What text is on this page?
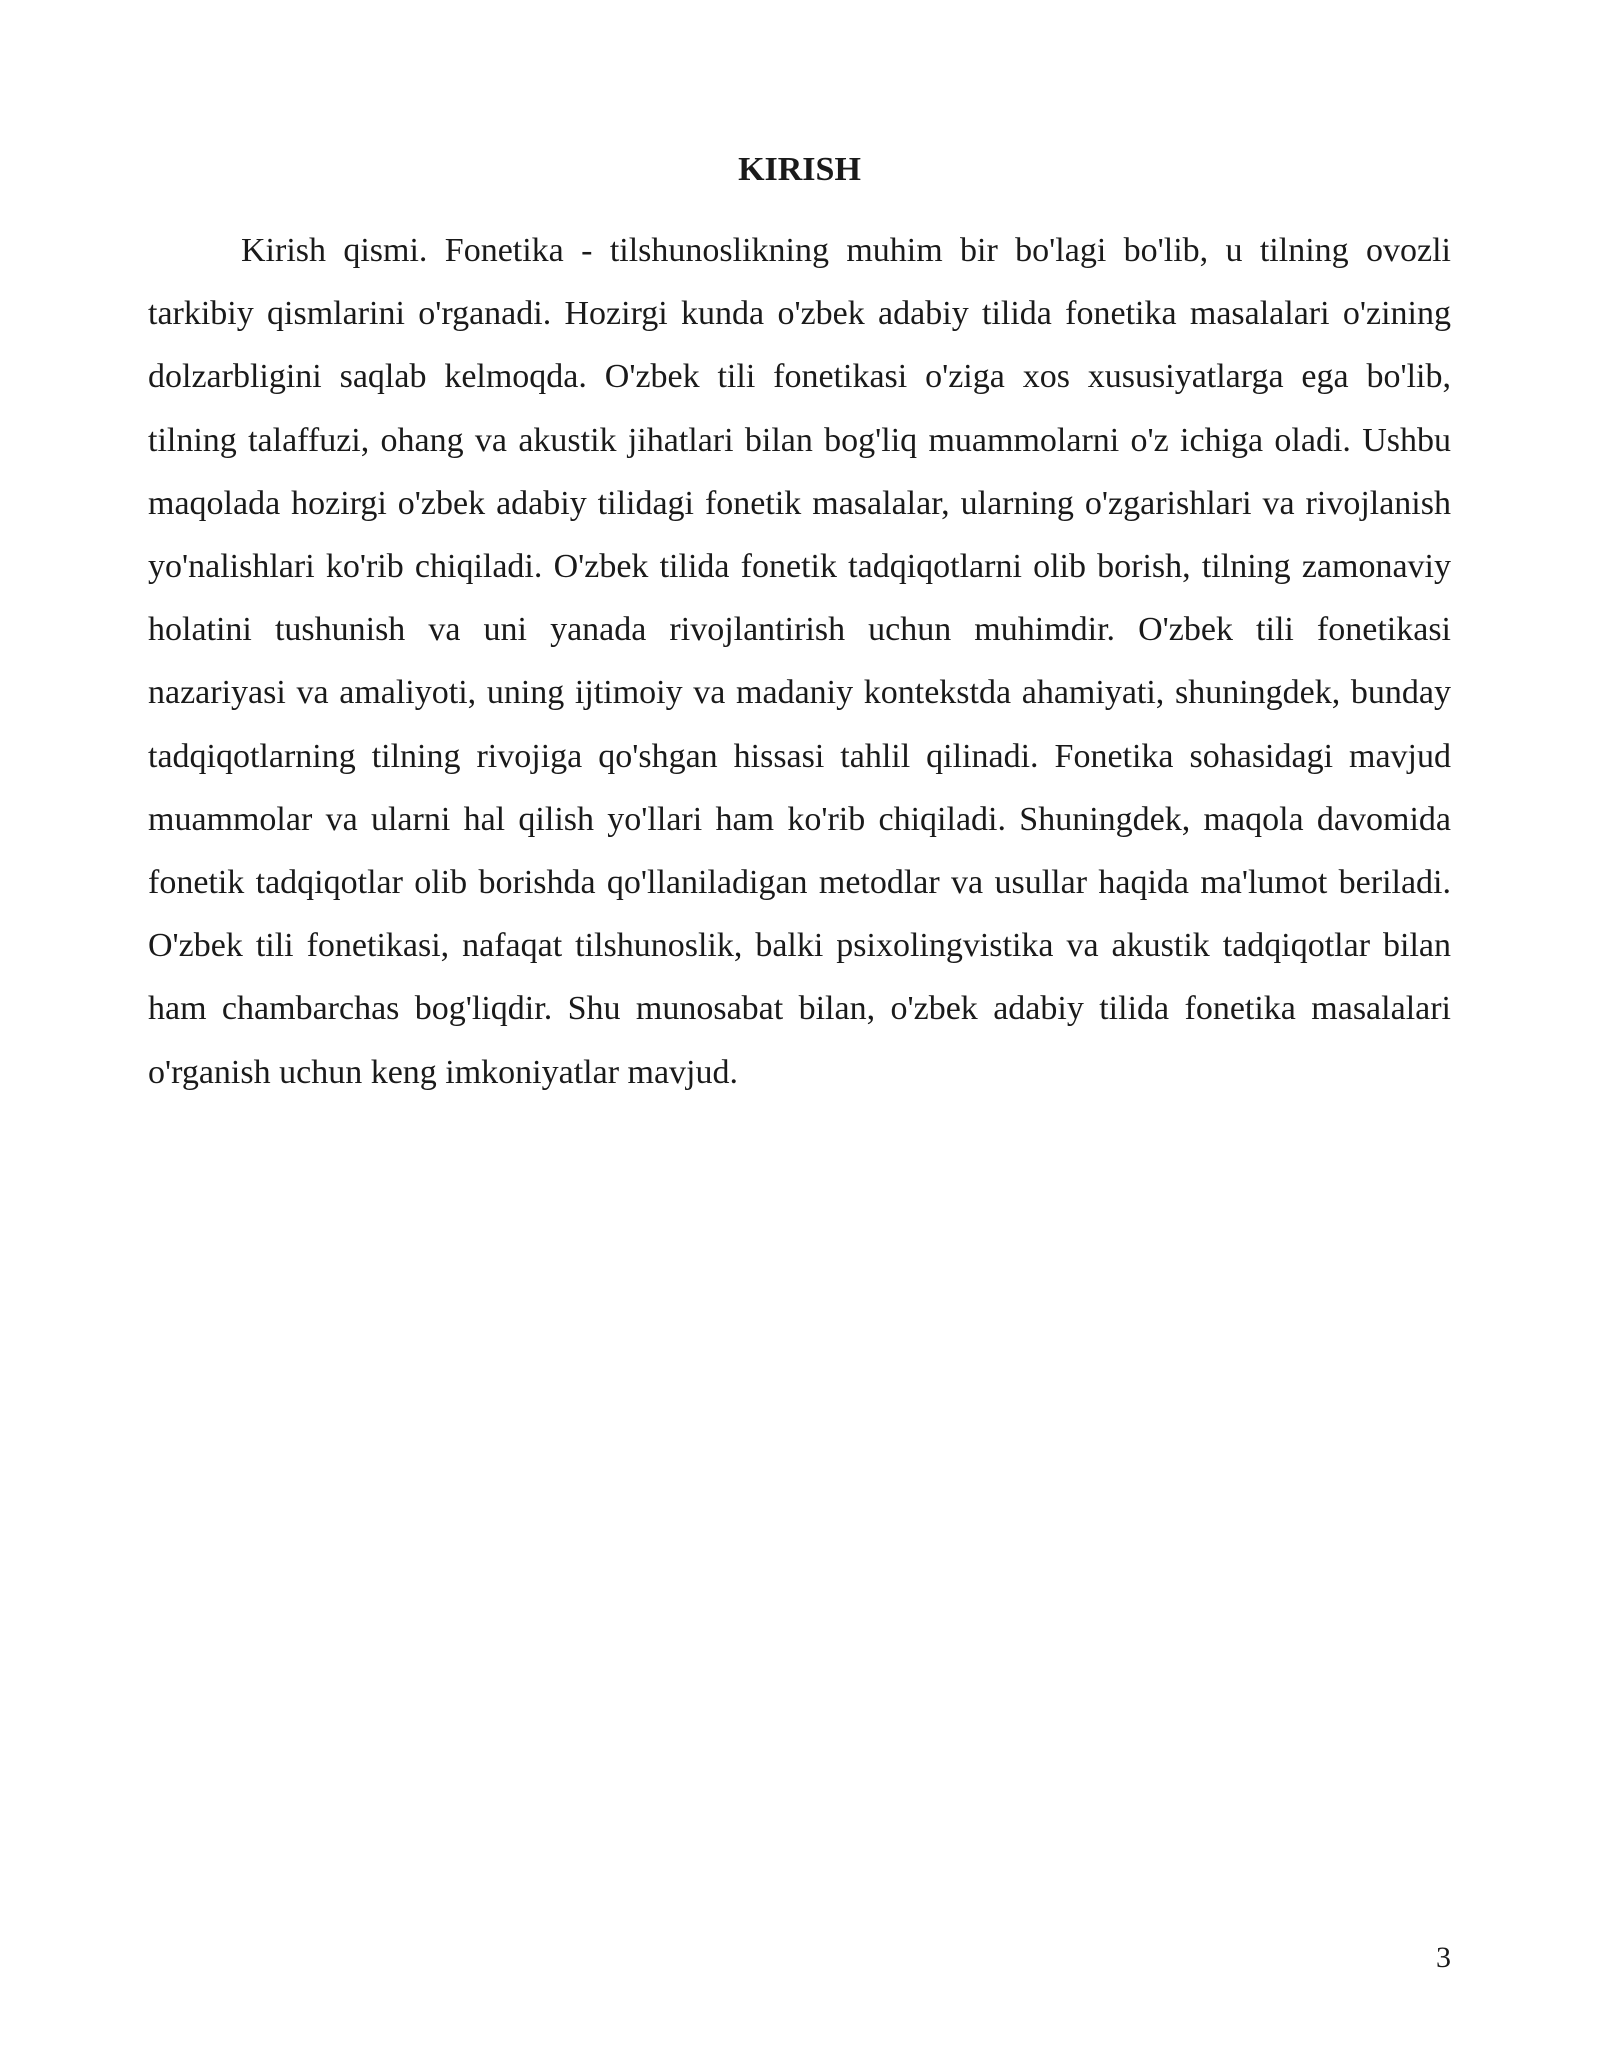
KIRISH

Kirish qismi. Fonetika - tilshunoslikning muhim bir bo'lagi bo'lib, u tilning ovozli tarkibiy qismlarini o'rganadi. Hozirgi kunda o'zbek adabiy tilida fonetika masalalari o'zining dolzarbligini saqlab kelmoqda. O'zbek tili fonetikasi o'ziga xos xususiyatlarga ega bo'lib, tilning talaffuzi, ohang va akustik jihatlari bilan bog'liq muammolarni o'z ichiga oladi. Ushbu maqolada hozirgi o'zbek adabiy tilidagi fonetik masalalar, ularning o'zgarishlari va rivojlanish yo'nalishlari ko'rib chiqiladi. O'zbek tilida fonetik tadqiqotlarni olib borish, tilning zamonaviy holatini tushunish va uni yanada rivojlantirish uchun muhimdir. O'zbek tili fonetikasi nazariyasi va amaliyoti, uning ijtimoiy va madaniy kontekstda ahamiyati, shuningdek, bunday tadqiqotlarning tilning rivojiga qo'shgan hissasi tahlil qilinadi. Fonetika sohasidagi mavjud muammolar va ularni hal qilish yo'llari ham ko'rib chiqiladi. Shuningdek, maqola davomida fonetik tadqiqotlar olib borishda qo'llaniladigan metodlar va usullar haqida ma'lumot beriladi. O'zbek tili fonetikasi, nafaqat tilshunoslik, balki psixolingvistika va akustik tadqiqotlar bilan ham chambarchas bog'liqdir. Shu munosabat bilan, o'zbek adabiy tilida fonetika masalalari o'rganish uchun keng imkoniyatlar mavjud.

3
